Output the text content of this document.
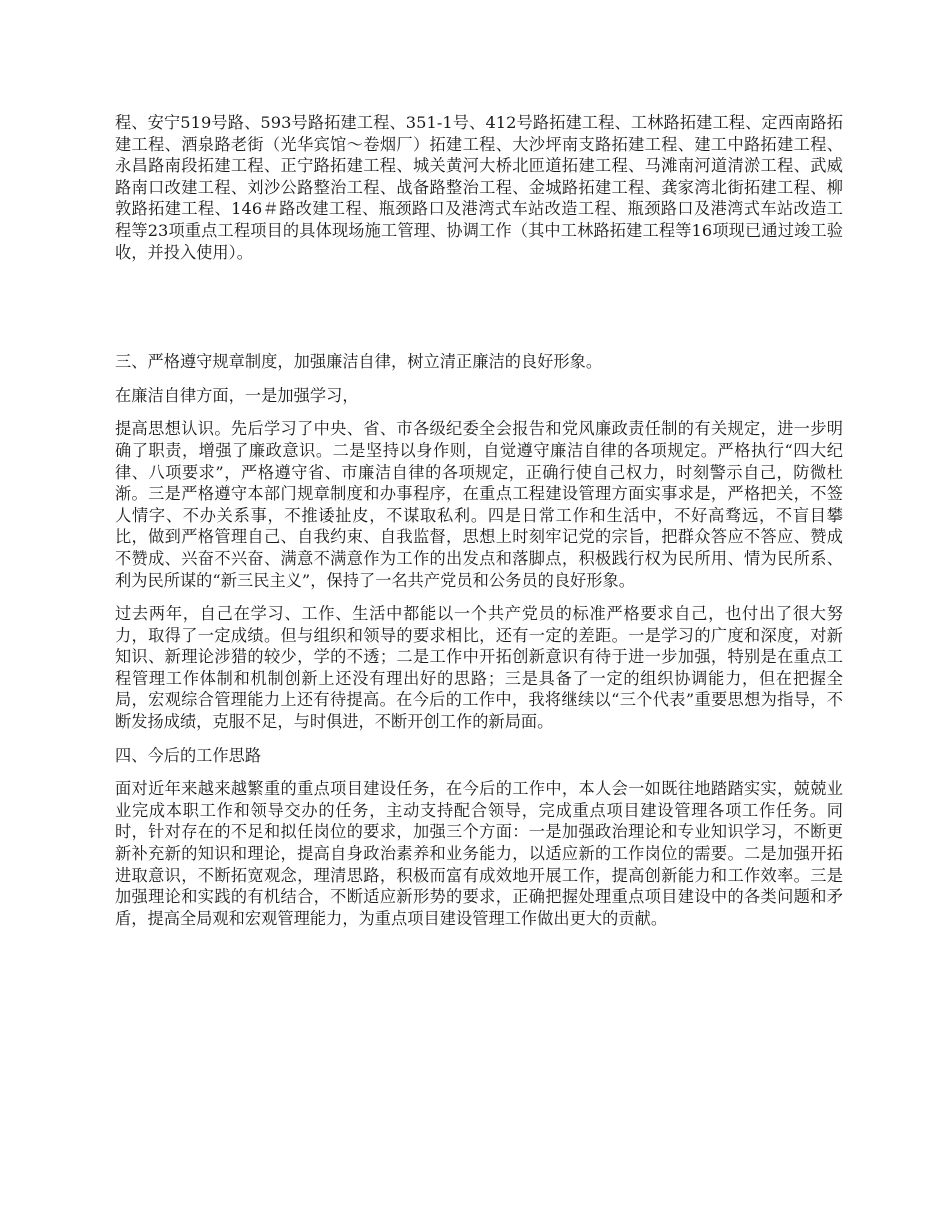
程、安宁519号路、593号路拓建工程、351-1号、412号路拓建工程、工林路拓建工程、定西南路拓建工程、酒泉路老街（光华宾馆～卷烟厂）拓建工程、大沙坪南支路拓建工程、建工中路拓建工程、永昌路南段拓建工程、正宁路拓建工程、城关黄河大桥北匝道拓建工程、马滩南河道清淤工程、武威路南口改建工程、刘沙公路整治工程、战备路整治工程、金城路拓建工程、龚家湾北街拓建工程、柳敦路拓建工程、146＃路改建工程、瓶颈路口及港湾式车站改造工程、瓶颈路口及港湾式车站改造工程等23项重点工程项目的具体现场施工管理、协调工作（其中工林路拓建工程等16项现已通过竣工验收，并投入使用）。

三、严格遵守规章制度，加强廉洁自律，树立清正廉洁的良好形象。

在廉洁自律方面，一是加强学习，

提高思想认识。先后学习了中央、省、市各级纪委全会报告和党风廉政责任制的有关规定，进一步明确了职责，增强了廉政意识。二是坚持以身作则，自觉遵守廉洁自律的各项规定。严格执行“四大纪律、八项要求”，严格遵守省、市廉洁自律的各项规定，正确行使自己权力，时刻警示自己，防微杜渐。三是严格遵守本部门规章制度和办事程序，在重点工程建设管理方面实事求是，严格把关，不签人情字、不办关系事，不推诿扯皮，不谋取私利。四是日常工作和生活中，不好高骛远，不盲目攀比，做到严格管理自己、自我约束、自我监督，思想上时刻牢记党的宗旨，把群众答应不答应、赞成不赞成、兴奋不兴奋、满意不满意作为工作的出发点和落脚点，积极践行权为民所用、情为民所系、利为民所谋的“新三民主义”，保持了一名共产党员和公务员的良好形象。

过去两年，自己在学习、工作、生活中都能以一个共产党员的标准严格要求自己，也付出了很大努力，取得了一定成绩。但与组织和领导的要求相比，还有一定的差距。一是学习的广度和深度，对新知识、新理论涉猎的较少，学的不透；二是工作中开拓创新意识有待于进一步加强，特别是在重点工程管理工作体制和机制创新上还没有理出好的思路；三是具备了一定的组织协调能力，但在把握全局，宏观综合管理能力上还有待提高。在今后的工作中，我将继续以“三个代表”重要思想为指导，不断发扬成绩，克服不足，与时俱进，不断开创工作的新局面。

四、今后的工作思路

面对近年来越来越繁重的重点项目建设任务，在今后的工作中，本人会一如既往地踏踏实实，兢兢业业完成本职工作和领导交办的任务，主动支持配合领导，完成重点项目建设管理各项工作任务。同时，针对存在的不足和拟任岗位的要求，加强三个方面：一是加强政治理论和专业知识学习，不断更新补充新的知识和理论，提高自身政治素养和业务能力，以适应新的工作岗位的需要。二是加强开拓进取意识，不断拓宽观念，理清思路，积极而富有成效地开展工作，提高创新能力和工作效率。三是加强理论和实践的有机结合，不断适应新形势的要求，正确把握处理重点项目建设中的各类问题和矛盾，提高全局观和宏观管理能力，为重点项目建设管理工作做出更大的贡献。
